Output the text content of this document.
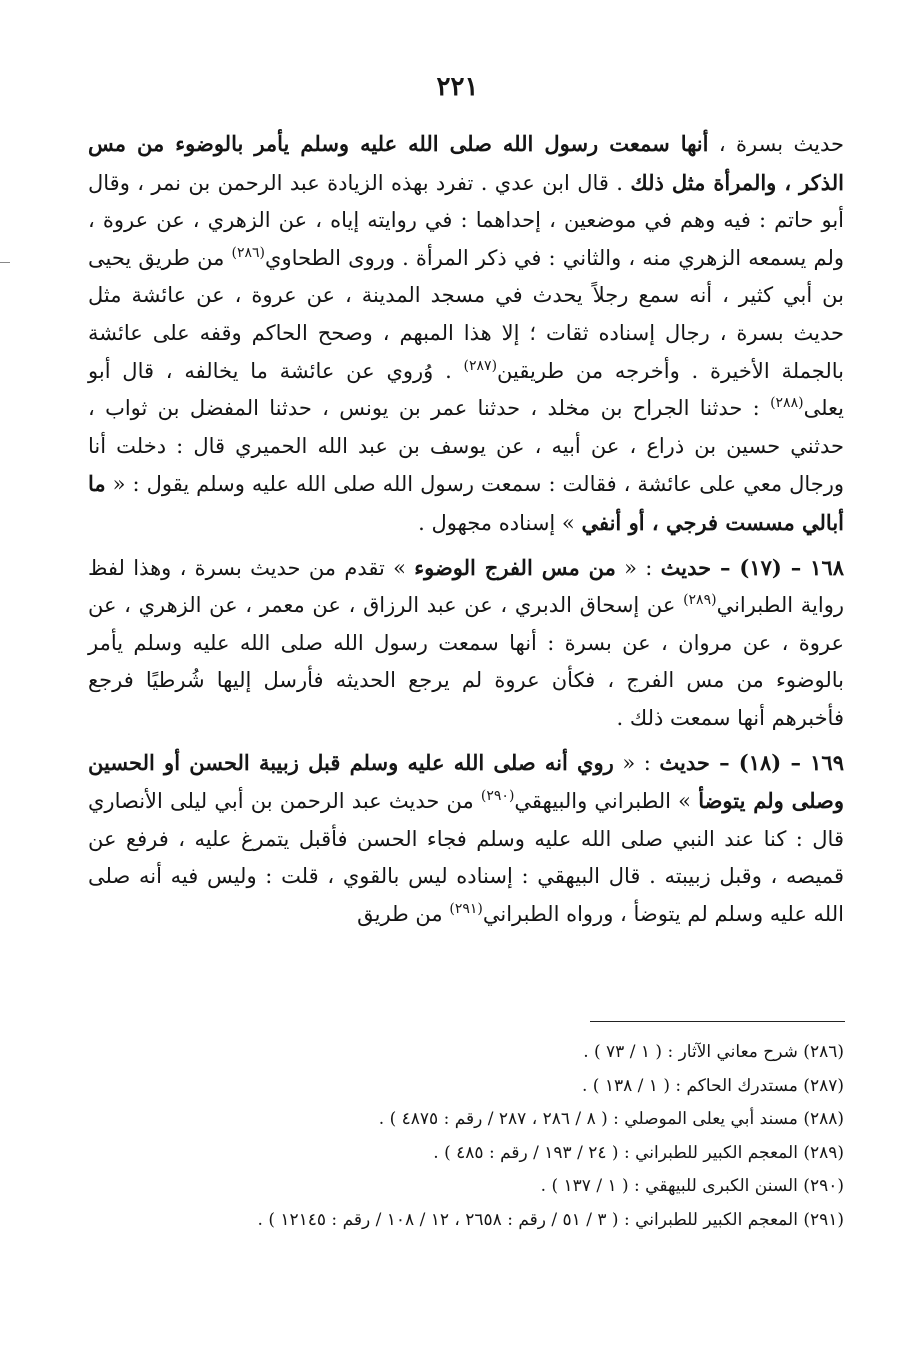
٢٢١

حديث بسرة ، أنها سمعت رسول الله صلى الله عليه وسلم يأمر بالوضوء من مس الذكر ، والمرأة مثل ذلك . قال ابن عدي . تفرد بهذه الزيادة عبد الرحمن بن نمر ، وقال أبو حاتم : فيه وهم في موضعين ، إحداهما : في روايته إياه ، عن الزهري ، عن عروة ، ولم يسمعه الزهري منه ، والثاني : في ذكر المرأة . وروى الطحاوي$^{(٢٨٦)}$ من طريق يحيى بن أبي كثير ، أنه سمع رجلاً يحدث في مسجد المدينة ، عن عروة ، عن عائشة مثل حديث بسرة ، رجال إسناده ثقات ؛ إلا هذا المبهم ، وصحح الحاكم وقفه على عائشة بالجملة الأخيرة . وأخرجه من طريقين$^{(٢٨٧)}$ . وُروي عن عائشة ما يخالفه ، قال أبو يعلى$^{(٢٨٨)}$ : حدثنا الجراح بن مخلد ، حدثنا عمر بن يونس ، حدثنا المفضل بن ثواب ، حدثني حسين بن ذراع ، عن أبيه ، عن يوسف بن عبد الله الحميري قال : دخلت أنا ورجال معي على عائشة ، فقالت : سمعت رسول الله صلى الله عليه وسلم يقول : « ما أبالي مسست فرجي ، أو أنفي » إسناده مجهول .

١٦٨ – (١٧) – حديث : « من مس الفرج الوضوء » تقدم من حديث بسرة ، وهذا لفظ رواية الطبراني$^{(٢٨٩)}$ عن إسحاق الدبري ، عن عبد الرزاق ، عن معمر ، عن الزهري ، عن عروة ، عن مروان ، عن بسرة : أنها سمعت رسول الله صلى الله عليه وسلم يأمر بالوضوء من مس الفرج ، فكأن عروة لم يرجع الحديثه فأرسل إليها شُرطيًا فرجع فأخبرهم أنها سمعت ذلك .

١٦٩ – (١٨) – حديث : « روي أنه صلى الله عليه وسلم قبل زبيبة الحسن أو الحسين وصلى ولم يتوضأ » الطبراني والبيهقي$^{(٢٩٠)}$ من حديث عبد الرحمن بن أبي ليلى الأنصاري قال : كنا عند النبي صلى الله عليه وسلم فجاء الحسن فأقبل يتمرغ عليه ، فرفع عن قميصه ، وقبل زبيبته . قال البيهقي : إسناده ليس بالقوي ، قلت : وليس فيه أنه صلى الله عليه وسلم لم يتوضأ ، ورواه الطبراني$^{(٢٩١)}$ من طريق

(٢٨٦) شرح معاني الآثار : ( ١ / ٧٣ ) .
(٢٨٧) مستدرك الحاكم : ( ١ / ١٣٨ ) .
(٢٨٨) مسند أبي يعلى الموصلي : ( ٨ / ٢٨٦ ، ٢٨٧ / رقم : ٤٨٧٥ ) .
(٢٨٩) المعجم الكبير للطبراني : ( ٢٤ / ١٩٣ / رقم : ٤٨٥ ) .
(٢٩٠) السنن الكبرى للبيهقي : ( ١ / ١٣٧ ) .
(٢٩١) المعجم الكبير للطبراني : ( ٣ / ٥١ / رقم : ٢٦٥٨ ، ١٢ / ١٠٨ / رقم : ١٢١٤٥ ) .
